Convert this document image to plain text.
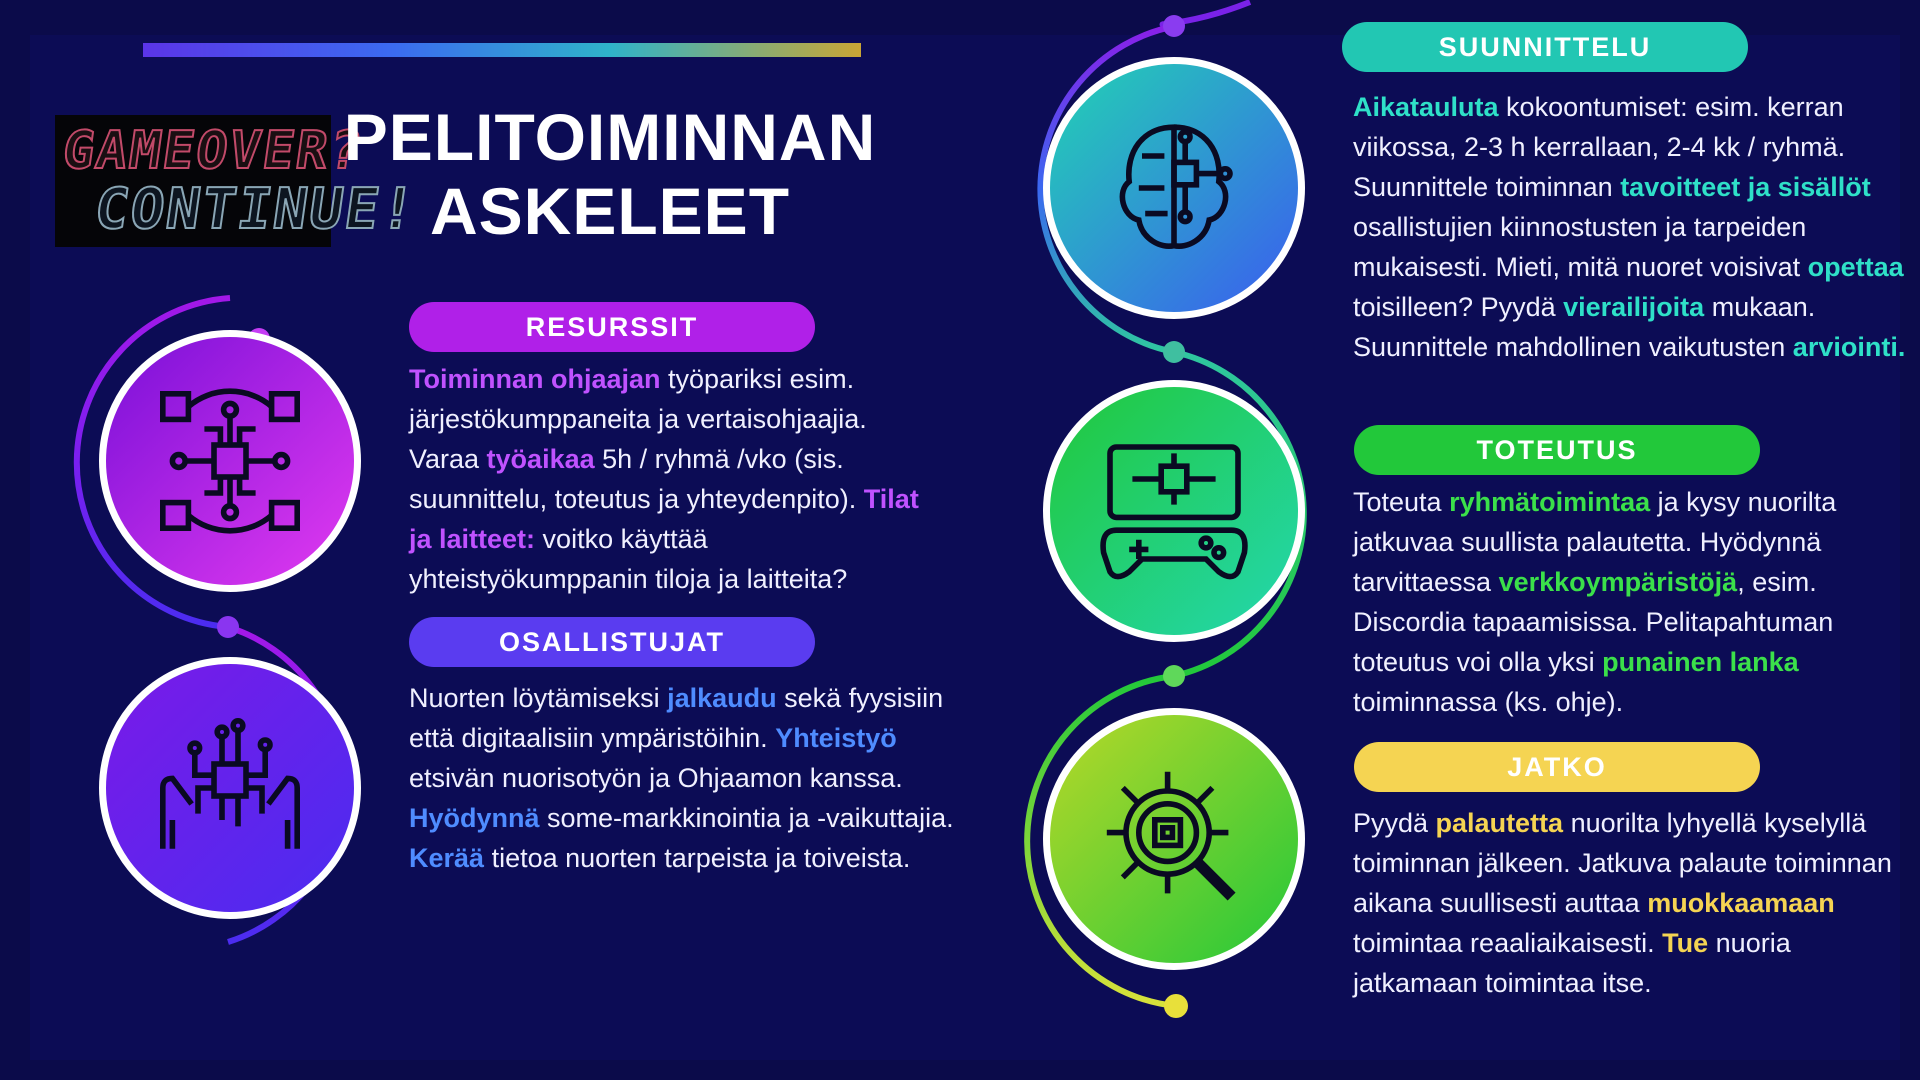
GAMEOVER?
CONTINUE!
PELITOIMINNAN
ASKELEET
RESURSSIT
Toiminnan ohjaajan työpariksi esim. järjestökumppaneita ja vertaisohjaajia. Varaa työaikaa 5h / ryhmä /vko (sis. suunnittelu, toteutus ja yhteydenpito). Tilat ja laitteet: voitko käyttää yhteistyökumppanin tiloja ja laitteita?
OSALLISTUJAT
Nuorten löytämiseksi jalkaudu sekä fyysisiin että digitaalisiin ympäristöihin. Yhteistyö etsivän nuorisotyön ja Ohjaamon kanssa. Hyödynnä some-markkinointia ja -vaikuttajia. Kerää tietoa nuorten tarpeista ja toiveista.
SUUNNITTELU
Aikatauluta kokoontumiset: esim. kerran viikossa, 2-3 h kerrallaan, 2-4 kk / ryhmä. Suunnittele toiminnan tavoitteet ja sisällöt osallistujien kiinnostusten ja tarpeiden mukaisesti. Mieti, mitä nuoret voisivat opettaa toisilleen? Pyydä vierailijoita mukaan. Suunnittele mahdollinen vaikutusten arviointi.
TOTEUTUS
Toteuta ryhmätoimintaa ja kysy nuorilta jatkuvaa suullista palautetta. Hyödynnä tarvittaessa verkkoympäristöjä, esim. Discordia tapaamisissa. Pelitapahtuman toteutus voi olla yksi punainen lanka toiminnassa (ks. ohje).
JATKO
Pyydä palautetta nuorilta lyhyellä kyselyllä toiminnan jälkeen. Jatkuva palaute toiminnan aikana suullisesti auttaa muokkaamaan toimintaa reaaliaikaisesti. Tue nuoria jatkamaan toimintaa itse.
